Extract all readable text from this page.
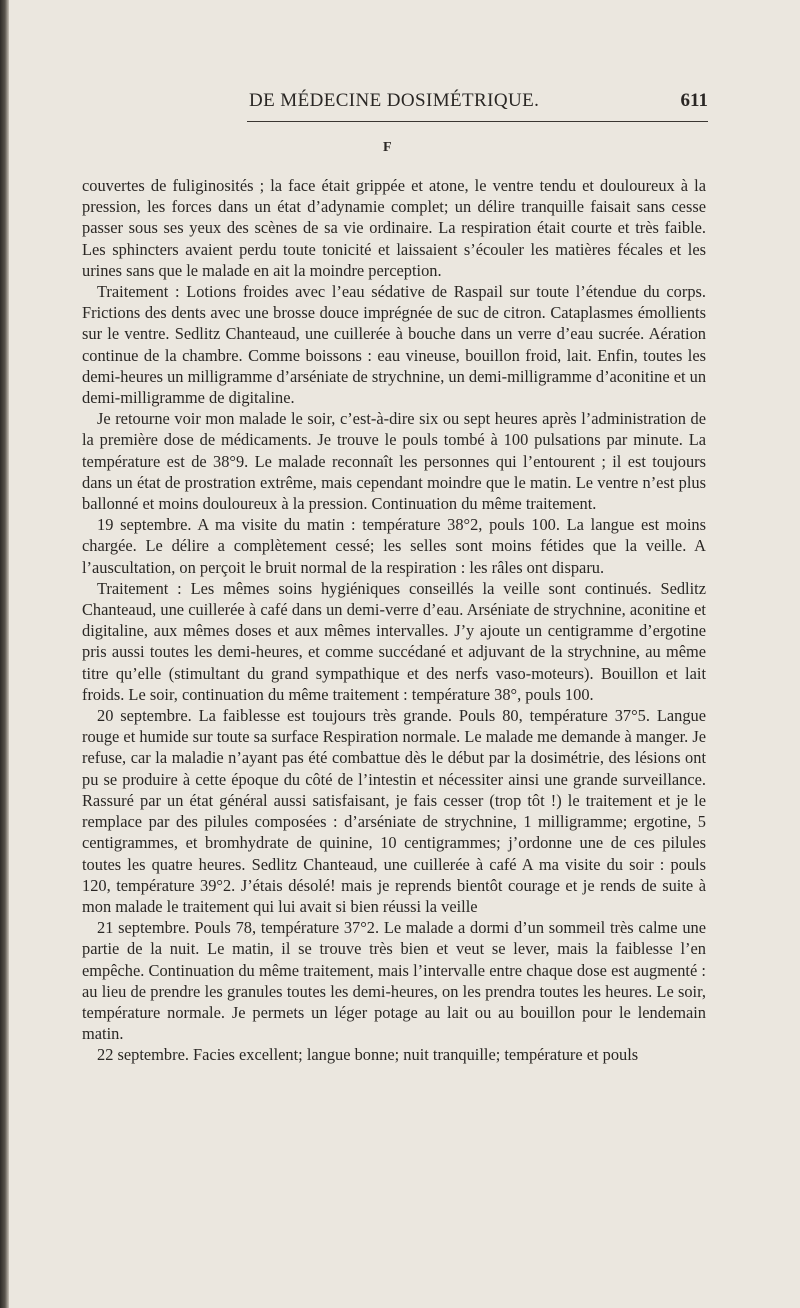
DE MÉDECINE DOSIMÉTRIQUE.	611
F

couvertes de fuliginosités ; la face était grippée et atone, le ventre tendu et douloureux à la pression, les forces dans un état d’adynamie complet; un délire tranquille faisait sans cesse passer sous ses yeux des scènes de sa vie ordinaire. La respiration était courte et très faible. Les sphincters avaient perdu toute tonicité et laissaient s’écouler les matières fécales et les urines sans que le malade en ait la moindre perception.

Traitement : Lotions froides avec l’eau sédative de Raspail sur toute l’étendue du corps. Frictions des dents avec une brosse douce imprégnée de suc de citron. Cataplasmes émollients sur le ventre. Sedlitz Chanteaud, une cuillerée à bouche dans un verre d’eau sucrée. Aération continue de la chambre. Comme boissons : eau vineuse, bouillon froid, lait. Enfin, toutes les demi-heures un milligramme d’arséniate de strychnine, un demi-milligramme d’aconitine et un demi-milligramme de digitaline.

Je retourne voir mon malade le soir, c’est-à-dire six ou sept heures après l’administration de la première dose de médicaments. Je trouve le pouls tombé à 100 pulsations par minute. La température est de 38°9. Le malade reconnaît les personnes qui l’entourent ; il est toujours dans un état de prostration extrême, mais cependant moindre que le matin. Le ventre n’est plus ballonné et moins douloureux à la pression. Continuation du même traitement.

19 septembre. A ma visite du matin : température 38°2, pouls 100. La langue est moins chargée. Le délire a complètement cessé; les selles sont moins fétides que la veille. A l’auscultation, on perçoit le bruit normal de la respiration : les râles ont disparu.

Traitement : Les mêmes soins hygiéniques conseillés la veille sont continués. Sedlitz Chanteaud, une cuillerée à café dans un demi-verre d’eau. Arséniate de strychnine, aconitine et digitaline, aux mêmes doses et aux mêmes intervalles. J’y ajoute un centigramme d’ergotine pris aussi toutes les demi-heures, et comme succédané et adjuvant de la strychnine, au même titre qu’elle (stimultant du grand sympathique et des nerfs vaso-moteurs). Bouillon et lait froids. Le soir, continuation du même traitement : température 38°, pouls 100.

20 septembre. La faiblesse est toujours très grande. Pouls 80, température 37°5. Langue rouge et humide sur toute sa surface Respiration normale. Le malade me demande à manger. Je refuse, car la maladie n’ayant pas été combattue dès le début par la dosimétrie, des lésions ont pu se produire à cette époque du côté de l’intestin et nécessiter ainsi une grande surveillance. Rassuré par un état général aussi satisfaisant, je fais cesser (trop tôt !) le traitement et je le remplace par des pilules composées : d’arséniate de strychnine, 1 milligramme; ergotine, 5 centigrammes, et bromhydrate de quinine, 10 centigrammes; j’ordonne une de ces pilules toutes les quatre heures. Sedlitz Chanteaud, une cuillerée à café A ma visite du soir : pouls 120, température 39°2. J’étais désolé! mais je reprends bientôt courage et je rends de suite à mon malade le traitement qui lui avait si bien réussi la veille

21 septembre. Pouls 78, température 37°2. Le malade a dormi d’un sommeil très calme une partie de la nuit. Le matin, il se trouve très bien et veut se lever, mais la faiblesse l’en empêche. Continuation du même traitement, mais l’intervalle entre chaque dose est augmenté : au lieu de prendre les granules toutes les demi-heures, on les prendra toutes les heures. Le soir, température normale. Je permets un léger potage au lait ou au bouillon pour le lendemain matin.

22 septembre. Facies excellent; langue bonne; nuit tranquille; température et pouls
